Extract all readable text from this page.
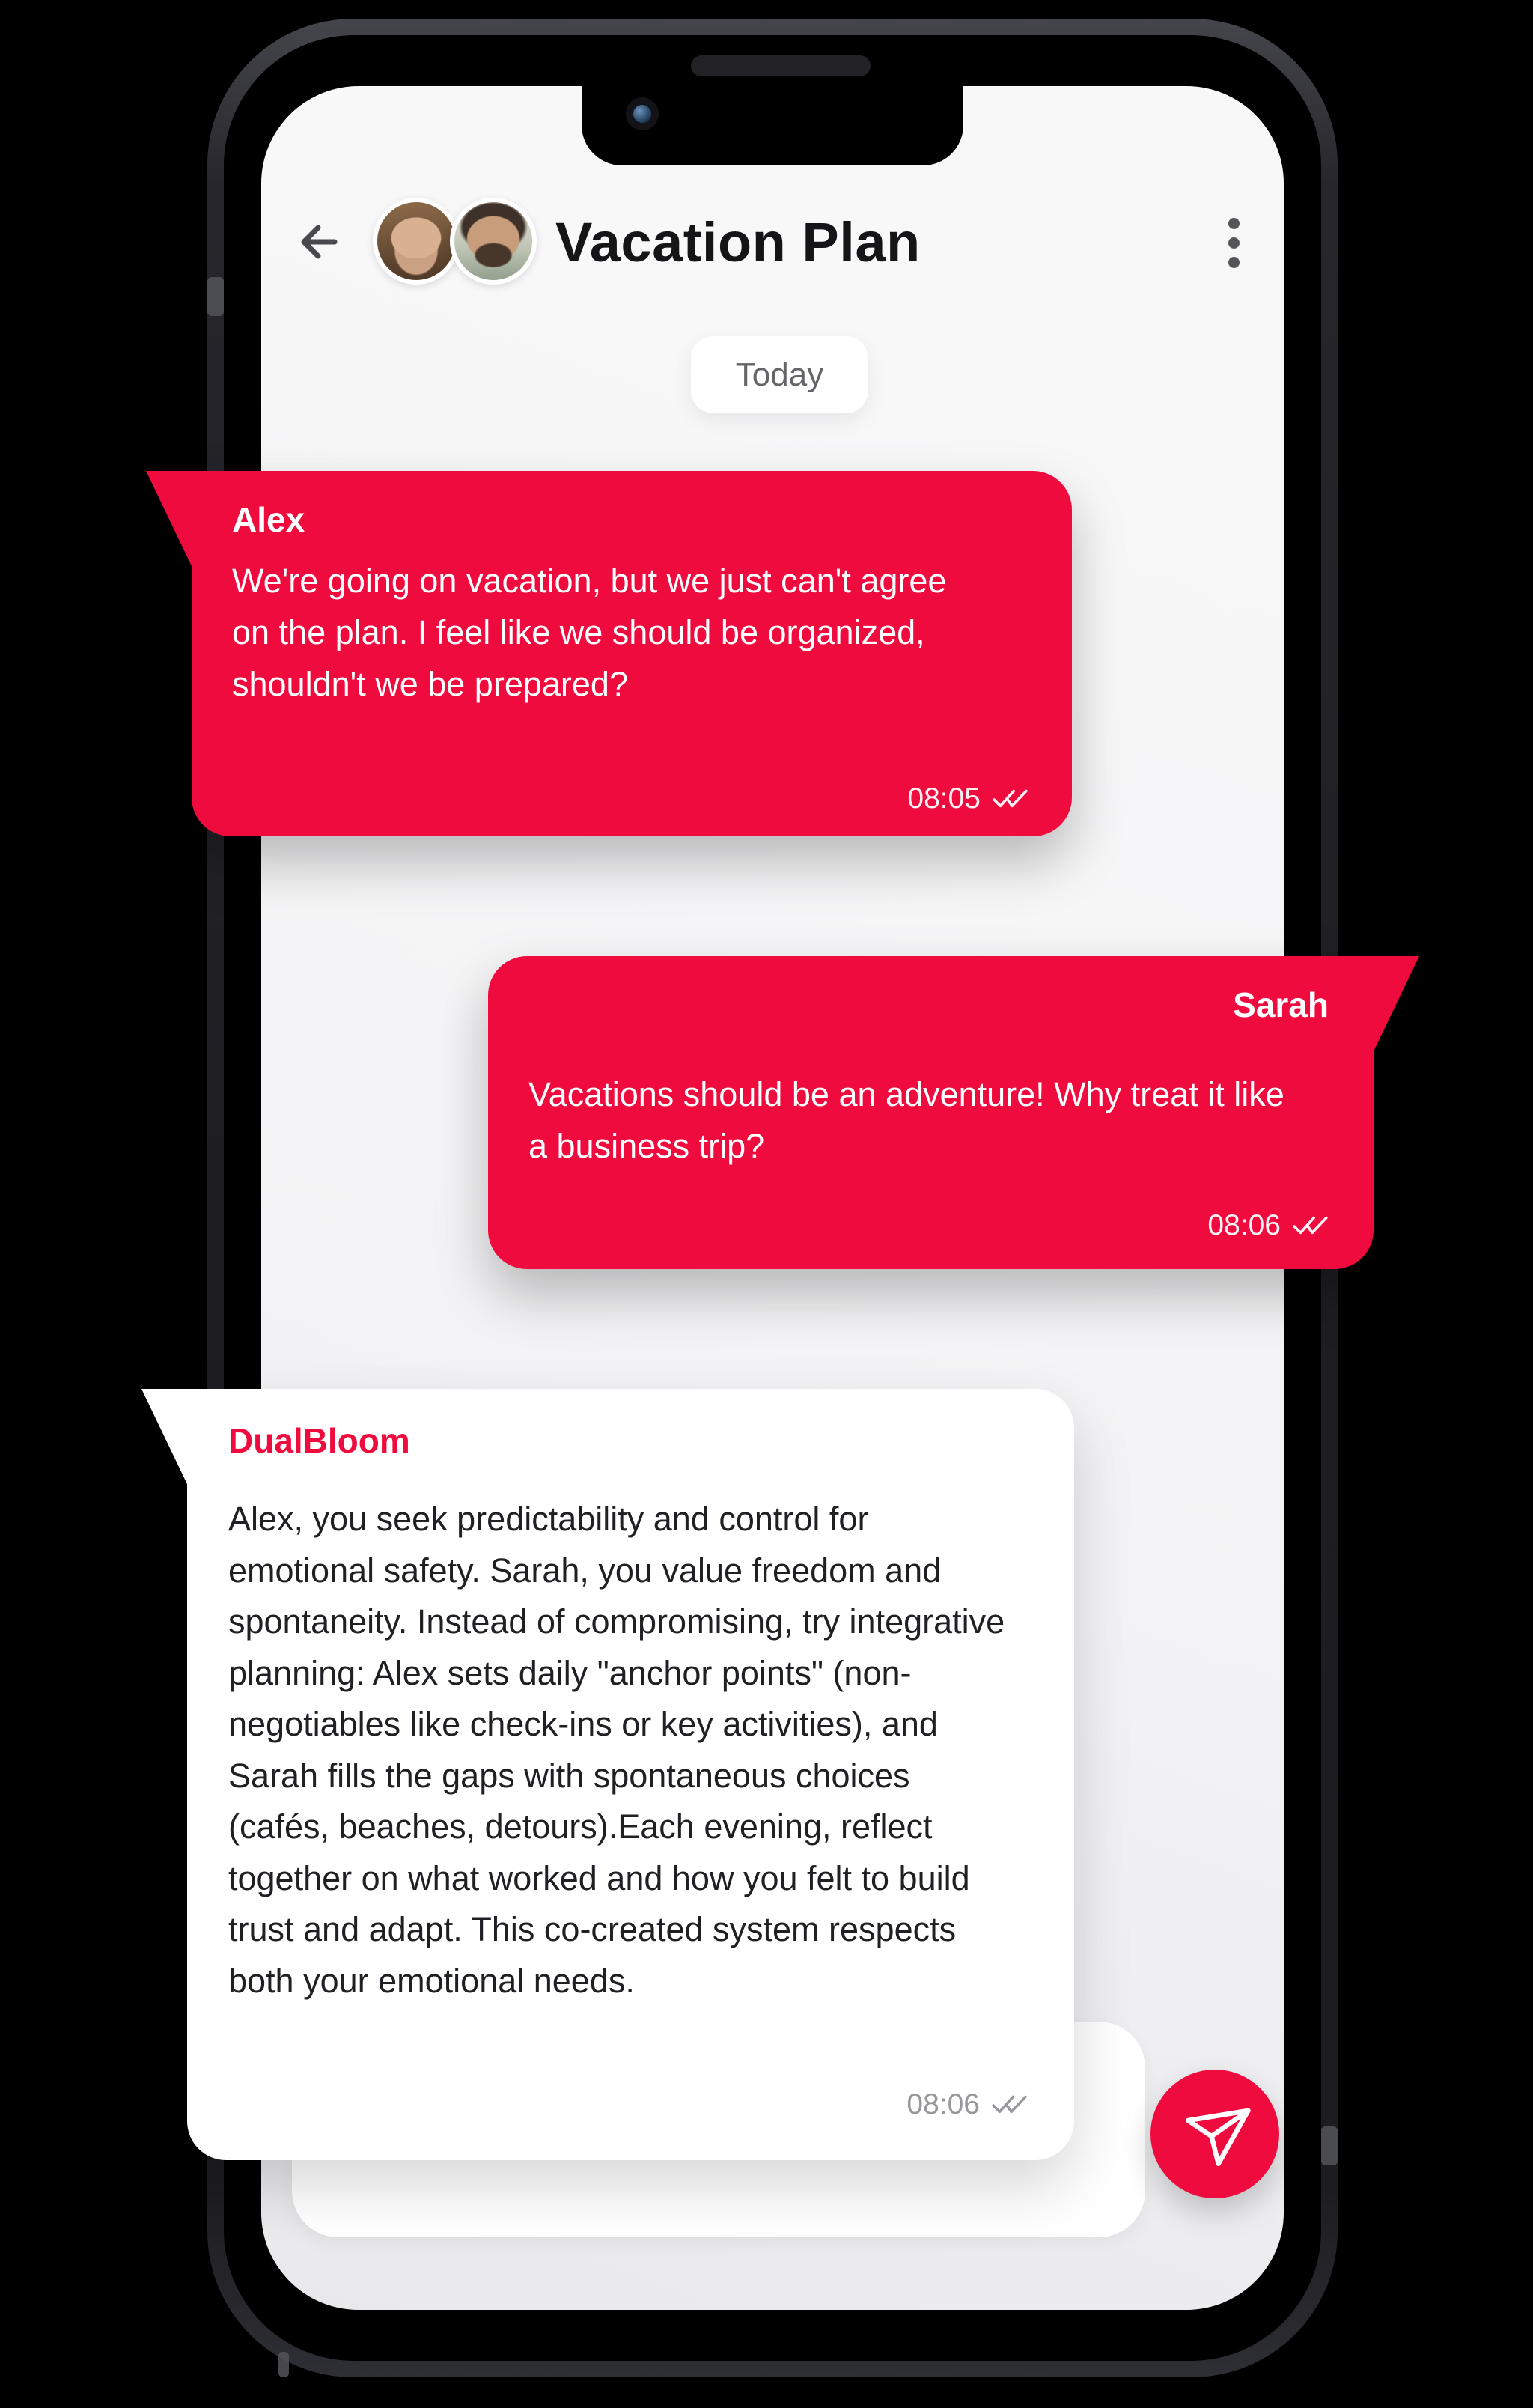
Vacation Plan
Today
Alex
We're going on vacation, but we just can't agree on the plan. I feel like we should be organized, shouldn't we be prepared?
08:05
Sarah
Vacations should be an adventure! Why treat it like a business trip?
08:06
DualBloom
Alex, you seek predictability and control for emotional safety. Sarah, you value freedom and spontaneity. Instead of compromising, try integrative planning: Alex sets daily "anchor points" (non-negotiables like check-ins or key activities), and Sarah fills the gaps with spontaneous choices (cafés, beaches, detours).Each evening, reflect together on what worked and how you felt to build trust and adapt. This co-created system respects both your emotional needs.
08:06
